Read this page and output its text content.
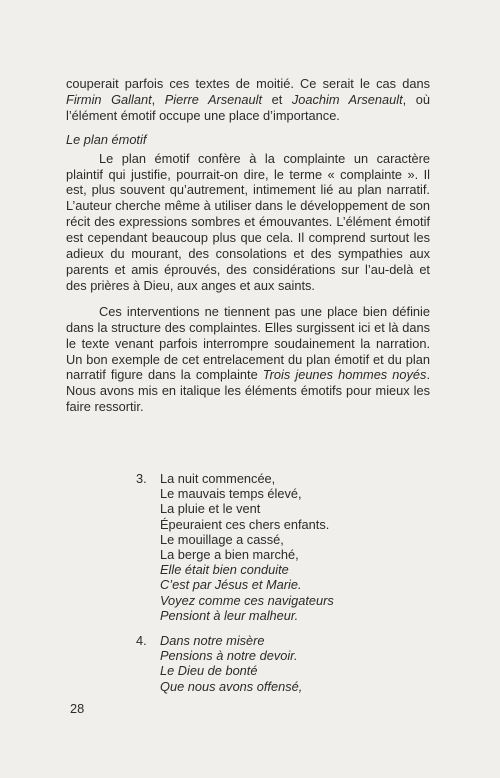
couperait parfois ces textes de moitié. Ce serait le cas dans Firmin Gallant, Pierre Arsenault et Joachim Arsenault, où l’élément émotif occupe une place d’importance.

Le plan émotif

Le plan émotif confère à la complainte un caractère plaintif qui justifie, pourrait-on dire, le terme « complainte ». Il est, plus souvent qu’autrement, intimement lié au plan narratif. L’auteur cherche même à utiliser dans le développement de son récit des expressions sombres et émouvantes. L’élément émotif est cependant beaucoup plus que cela. Il comprend surtout les adieux du mourant, des consolations et des sympathies aux parents et amis éprouvés, des considérations sur l’au-delà et des prières à Dieu, aux anges et aux saints.

Ces interventions ne tiennent pas une place bien définie dans la structure des complaintes. Elles surgissent ici et là dans le texte venant parfois interrompre soudainement la narration. Un bon exemple de cet entrelacement du plan émotif et du plan narratif figure dans la complainte Trois jeunes hommes noyés. Nous avons mis en italique les éléments émotifs pour mieux les faire ressortir.

3.	La nuit commencée,
Le mauvais temps élevé,
La pluie et le vent
Épeuraient ces chers enfants.
Le mouillage a cassé,
La berge a bien marché,
Elle était bien conduite
C’est par Jésus et Marie.
Voyez comme ces navigateurs
Pensiont à leur malheur.
4.	Dans notre misère
Pensions à notre devoir.
Le Dieu de bonté
Que nous avons offensé,
28
